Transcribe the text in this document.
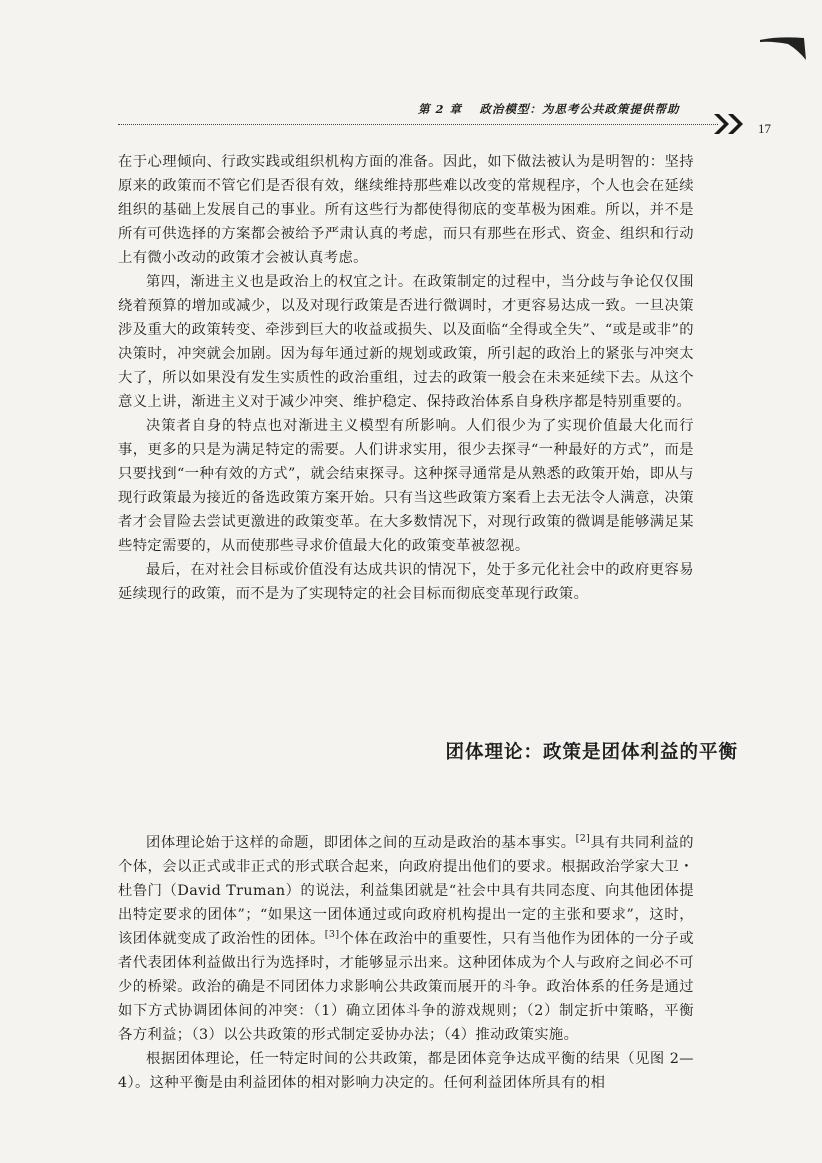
第 2 章　 政治模型：为思考公共政策提供帮助
17

在于心理倾向、行政实践或组织机构方面的准备。因此，如下做法被认为是明智的：坚持原来的政策而不管它们是否很有效，继续维持那些难以改变的常规程序，个人也会在延续组织的基础上发展自己的事业。所有这些行为都使得彻底的变革极为困难。所以，并不是所有可供选择的方案都会被给予严肃认真的考虑，而只有那些在形式、资金、组织和行动上有微小改动的政策才会被认真考虑。

第四，渐进主义也是政治上的权宜之计。在政策制定的过程中，当分歧与争论仅仅围绕着预算的增加或减少，以及对现行政策是否进行微调时，才更容易达成一致。一旦决策涉及重大的政策转变、牵涉到巨大的收益或损失、以及面临“全得或全失”、“或是或非”的决策时，冲突就会加剧。因为每年通过新的规划或政策，所引起的政治上的紧张与冲突太大了，所以如果没有发生实质性的政治重组，过去的政策一般会在未来延续下去。从这个意义上讲，渐进主义对于减少冲突、维护稳定、保持政治体系自身秩序都是特别重要的。

决策者自身的特点也对渐进主义模型有所影响。人们很少为了实现价值最大化而行事，更多的只是为满足特定的需要。人们讲求实用，很少去探寻“一种最好的方式”，而是只要找到“一种有效的方式”，就会结束探寻。这种探寻通常是从熟悉的政策开始，即从与现行政策最为接近的备选政策方案开始。只有当这些政策方案看上去无法令人满意，决策者才会冒险去尝试更激进的政策变革。在大多数情况下，对现行政策的微调是能够满足某些特定需要的，从而使那些寻求价值最大化的政策变革被忽视。

最后，在对社会目标或价值没有达成共识的情况下，处于多元化社会中的政府更容易延续现行的政策，而不是为了实现特定的社会目标而彻底变革现行政策。

团体理论：政策是团体利益的平衡

团体理论始于这样的命题，即团体之间的互动是政治的基本事实。[2]具有共同利益的个体，会以正式或非正式的形式联合起来，向政府提出他们的要求。根据政治学家大卫・杜鲁门（David Truman）的说法，利益集团就是“社会中具有共同态度、向其他团体提出特定要求的团体”；“如果这一团体通过或向政府机构提出一定的主张和要求”，这时，该团体就变成了政治性的团体。[3]个体在政治中的重要性，只有当他作为团体的一分子或者代表团体利益做出行为选择时，才能够显示出来。这种团体成为个人与政府之间必不可少的桥梁。政治的确是不同团体力求影响公共政策而展开的斗争。政治体系的任务是通过如下方式协调团体间的冲突：（1）确立团体斗争的游戏规则；（2）制定折中策略，平衡各方利益；（3）以公共政策的形式制定妥协办法；（4）推动政策实施。

根据团体理论，任一特定时间的公共政策，都是团体竞争达成平衡的结果（见图 2—4）。这种平衡是由利益团体的相对影响力决定的。任何利益团体所具有的相
